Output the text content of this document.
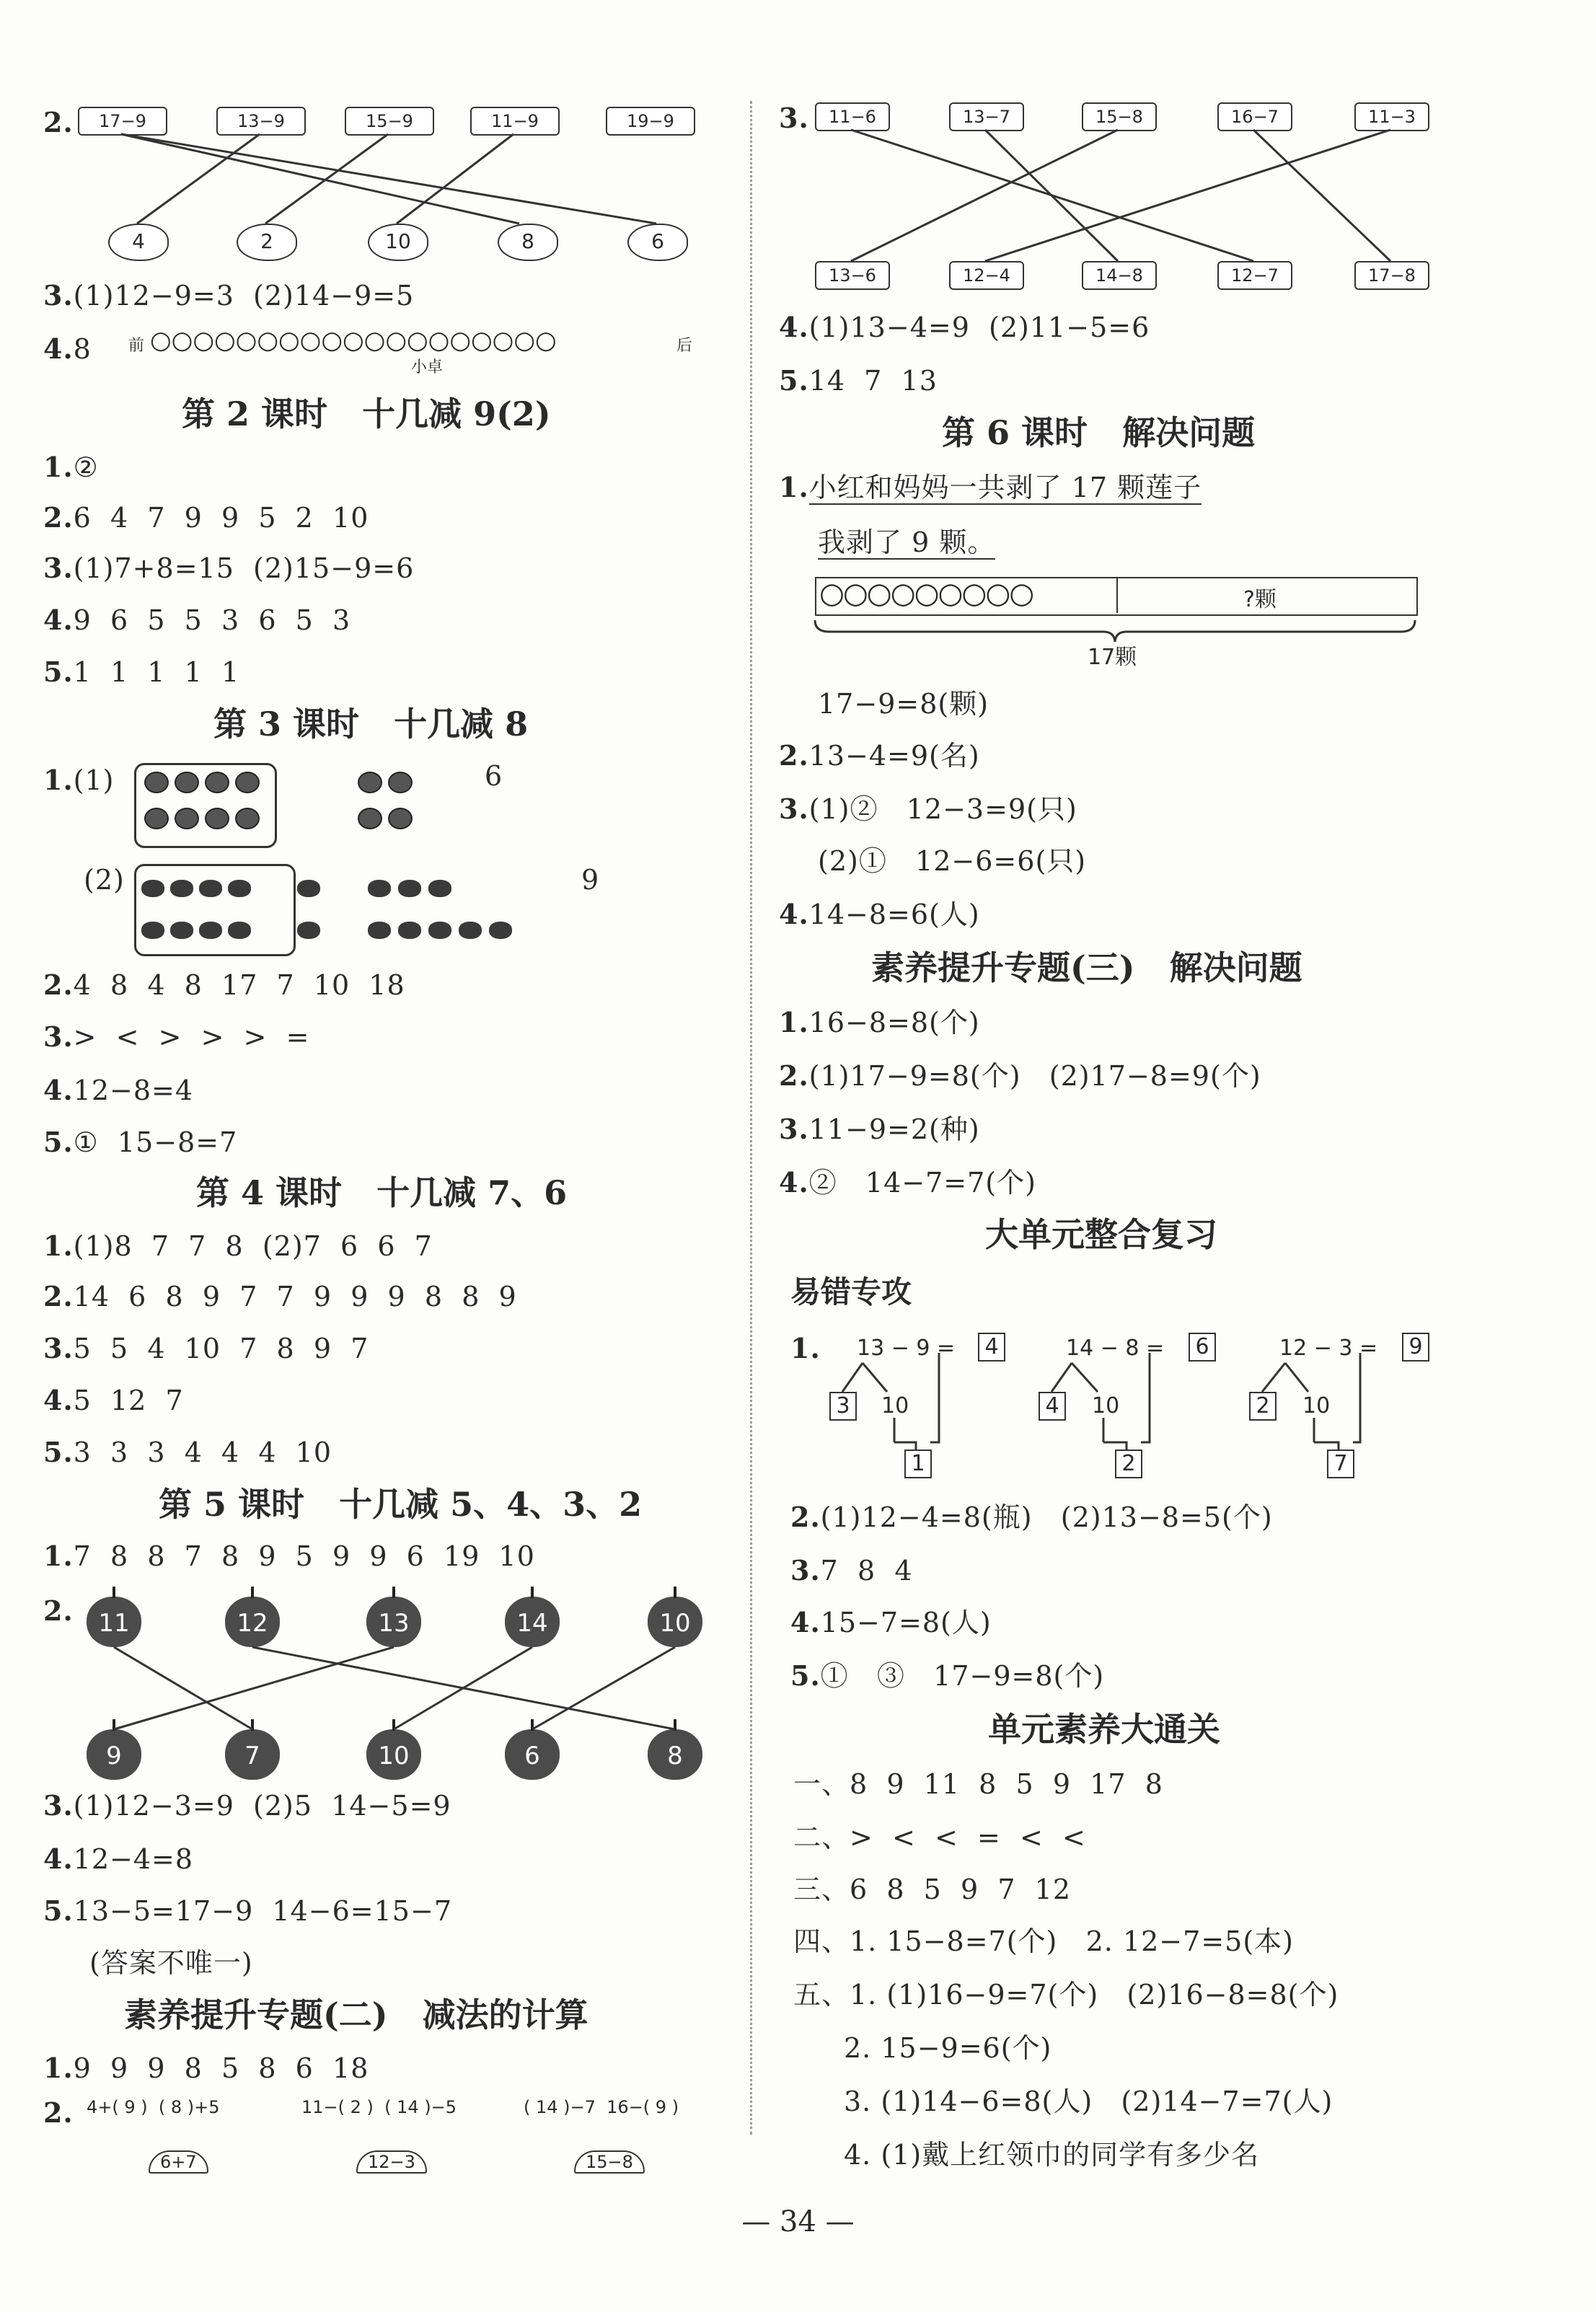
2.	17−9	13−9	15−9	11−9	19−9
4	2	10	8	6
3.(1)12−9=3  (2)14−9=5
4.8 前 ○○○○○○○○○○○○○○○○○○○	后
小卓
第 2 课时   十几减 9(2)
1.②
2.6  4  7  9  9  5  2  10
3.(1)7+8=15  (2)15−9=6
4.9  6  5  5  3  6  5  3
5.1  1  1  1  1
第 3 课时   十几减 8
1.(1)	6
(2)	9
2.4  8  4  8  17  7  10  18
3.>  <  >  >  >  =
4.12−8=4
5.①  15−8=7
第 4 课时   十几减 7、6
1.(1)8  7  7  8  (2)7  6  6  7
2.14  6  8  9  7  7  9  9  9  8  8  9
3.5  5  4  10  7  8  9  7
4.5  12  7
5.3  3  3  4  4  4  10
第 5 课时   十几减 5、4、3、2
1.7  8  8  7  8  9  5  9  9  6  19  10
2.	11	12	13	14	10
9	7	10	6	8
3.(1)12−3=9  (2)5  14−5=9
4.12−4=8
5.13−5=17−9  14−6=15−7
(答案不唯一)
素养提升专题(二)   减法的计算
1.9  9  9  8  5  8  6  18
2. 4+( 9 )  ( 8 )+5	11−( 2 )  ( 14 )−5	( 14 )−7  16−( 9 )
6+7	12−3	15−8
3.	11−6	13−7	15−8	16−7	11−3
13−6	12−4	14−8	12−7	17−8
4.(1)13−4=9  (2)11−5=6
5.14  7  13
第 6 课时   解决问题
1.小红和妈妈一共剥了 17 颗莲子
我剥了 9 颗。
○○○○○○○○○	?颗
17颗
17−9=8(颗)
2.13−4=9(名)
3.(1)②   12−3=9(只)
(2)①   12−6=6(只)
4.14−8=6(人)
素养提升专题(三)   解决问题
1.16−8=8(个)
2.(1)17−9=8(个)   (2)17−8=9(个)
3.11−9=2(种)
4.②   14−7=7(个)
大单元整合复习
易错专攻
1. 13 − 9 =	4
3	10
1
14 − 8 =	6
4	10
2
12 − 3 =	9
2	10
7
2.(1)12−4=8(瓶)   (2)13−8=5(个)
3.7  8  4
4.15−7=8(人)
5.①   ③   17−9=8(个)
单元素养大通关
一、8  9  11  8  5  9  17  8
二、>  <  <  =  <  <
三、6  8  5  9  7  12
四、1. 15−8=7(个)   2. 12−7=5(本)
五、1. (1)16−9=7(个)   (2)16−8=8(个)
2. 15−9=6(个)
3. (1)14−6=8(人)   (2)14−7=7(人)
4. (1)戴上红领巾的同学有多少名
— 34 —
